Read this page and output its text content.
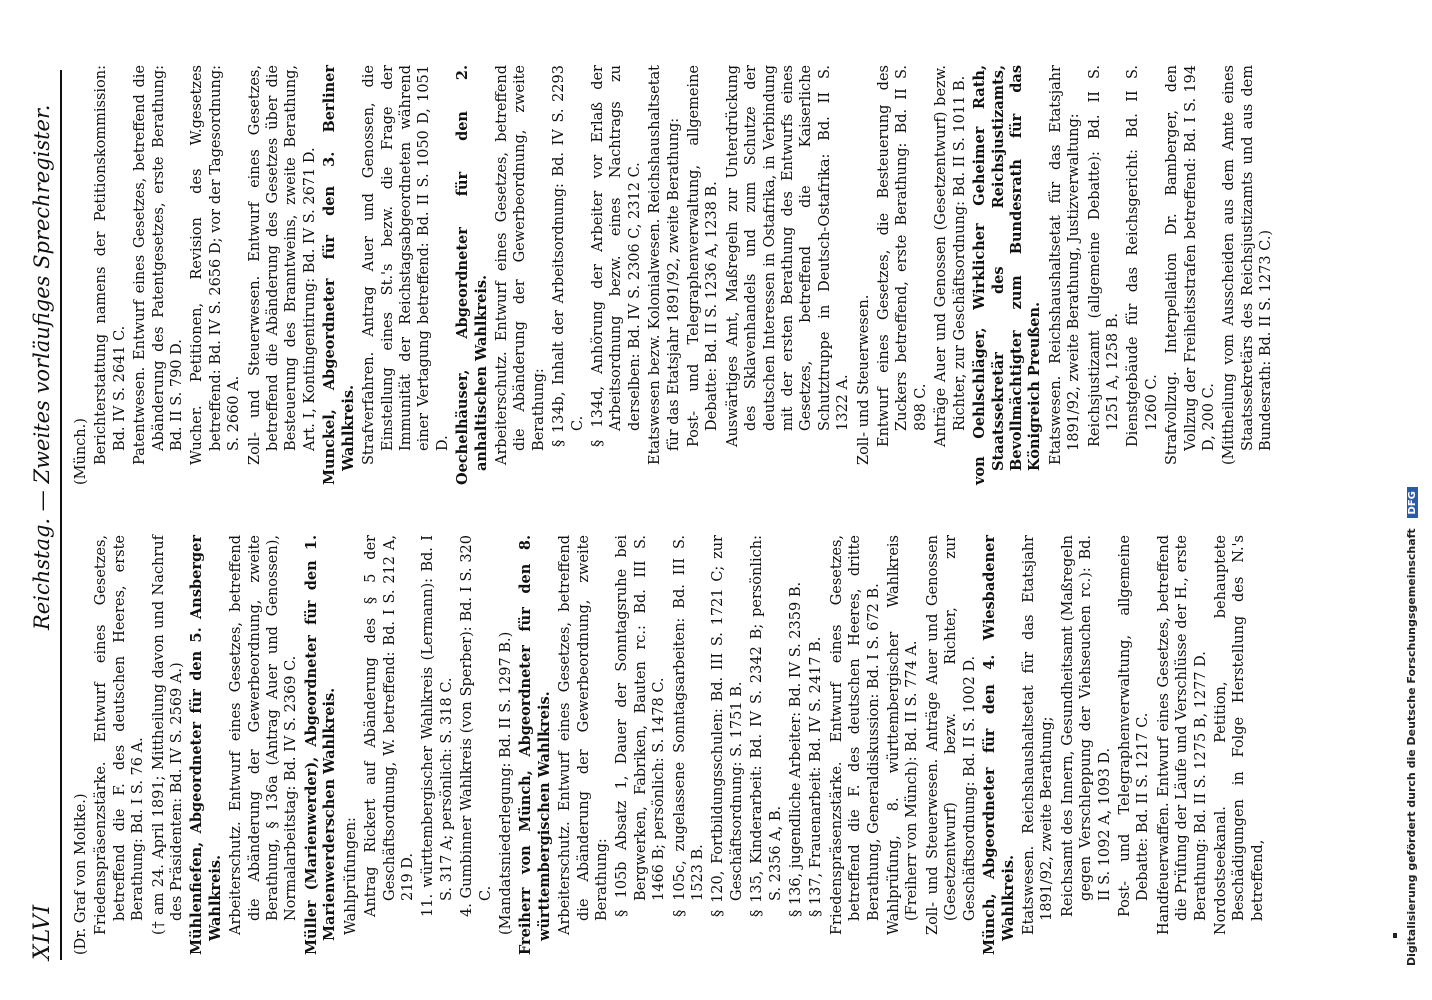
XLVI
Reichstag. — Zweites vorläufiges Sprechregister.

(Dr. Graf von Moltke.) Friedenspräsenzstärke. Entwurf eines Gesetzes, betreffend die F. des deutschen Heeres, erste Berathung: Bd. I S. 76 A. († am 24. April 1891; Mittheilung davon und Nachruf des Präsidenten: Bd. IV S. 2569 A.) Mühlenfiefen, Abgeordneter für den 5. Ansberger Wahlkreis. Arbeiterschutz. Entwurf eines Gesetzes, betreffend die Abänderung der Gewerbeordnung, zweite Berathung, § 136a (Antrag Auer und Genossen), Normalarbeitstag: Bd. IV S. 2369 C. Müller (Marienwerder), Abgeordneter für den 1. Marienwerderschen Wahlkreis. Wahlprüfungen: Antrag Rickert auf Abänderung des § 5 der Geschäftsordnung, W. betreffend: Bd. I S. 212 A, 219 D. 11. württembergischer Wahlkreis (Lermann): Bd. I S. 317 A; persönlich: S. 318 C. 4. Gumbinner Wahlkreis (von Sperber): Bd. I S. 320 C. (Mandatsniederlegung: Bd. II S. 1297 B.) Freiherr von Münch, Abgeordneter für den 8. württembergischen Wahlkreis. Arbeiterschutz. Entwurf eines Gesetzes, betreffend die Abänderung der Gewerbeordnung, zweite Berathung: § 105b Absatz 1, Dauer der Sonntagsruhe bei Bergwerken, Fabriken, Bauten rc.: Bd. III S. 1466 B; persönlich: S. 1478 C. § 105c, zugelassene Sonntagsarbeiten: Bd. III S. 1523 B. § 120, Fortbildungsschulen: Bd. III S. 1721 C; zur Geschäftsordnung: S. 1751 B. § 135, Kinderarbeit: Bd. IV S. 2342 B; persönlich: S. 2356 A, B. § 136, jugendliche Arbeiter: Bd. IV S. 2359 B. § 137, Frauenarbeit: Bd. IV S. 2417 B. Friedenspräsenzstärke. Entwurf eines Gesetzes, betreffend die F. des deutschen Heeres, dritte Berathung, Generaldiskussion: Bd. I S. 672 B. Wahlprüfung, 8. württembergischer Wahlkreis (Freiherr von Münch): Bd. II S. 774 A. Zoll- und Steuerwesen. Anträge Auer und Genossen (Gesetzentwurf) bezw. Richter, zur Geschäftsordnung: Bd. II S. 1002 D. Münch, Abgeordneter für den 4. Wiesbadener Wahlkreis. Etatswesen. Reichshaushaltsetat für das Etatsjahr 1891/92, zweite Berathung; Reichsamt des Innern, Gesundheitsamt (Maßregeln gegen Verschleppung der Viehseuchen rc.): Bd. II S. 1092 A, 1093 D. Post- und Telegraphenverwaltung, allgemeine Debatte: Bd. II S. 1217 C. Handfeuerwaffen. Entwurf eines Gesetzes, betreffend die Prüfung der Läufe und Verschlüsse der H., erste Berathung: Bd. II S. 1275 B, 1277 D. Nordostseekanal. Petition, behauptete Beschädigungen in Folge Herstellung des N.'s betreffend,

(Münch.) Berichterstattung namens der Petitionskommission: Bd. IV S. 2641 C. Patentwesen. Entwurf eines Gesetzes, betreffend die Abänderung des Patentgesetzes, erste Berathung: Bd. II S. 790 D. Wucher. Petitionen, Revision des W.gesetzes betreffend: Bd. IV S. 2656 D; vor der Tagesordnung: S. 2660 A. Zoll- und Steuerwesen. Entwurf eines Gesetzes, betreffend die Abänderung des Gesetzes über die Besteuerung des Branntweins, zweite Berathung, Art. I, Kontingentirung: Bd. IV S. 2671 D. Munckel, Abgeordneter für den 3. Berliner Wahlkreis. Strafverfahren. Antrag Auer und Genossen, die Einstellung eines St.'s bezw. die Frage der Immunität der Reichstagsabgeordneten während einer Vertagung betreffend: Bd. II S. 1050 D, 1051 D. Oechelhäuser, Abgeordneter für den 2. anhaltischen Wahlkreis. Arbeiterschutz. Entwurf eines Gesetzes, betreffend die Abänderung der Gewerbeordnung, zweite Berathung: § 134b, Inhalt der Arbeitsordnung: Bd. IV S. 2293 C. § 134d, Anhörung der Arbeiter vor Erlaß der Arbeitsordnung bezw. eines Nachtrags zu derselben: Bd. IV S. 2306 C, 2312 C. Etatswesen bezw. Kolonialwesen. Reichshaushaltsetat für das Etatsjahr 1891/92, zweite Berathung: Post- und Telegraphenverwaltung, allgemeine Debatte: Bd. II S. 1236 A, 1238 B. Auswärtiges Amt, Maßregeln zur Unterdrückung des Sklavenhandels und zum Schutze der deutschen Interessen in Ostafrika, in Verbindung mit der ersten Berathung des Entwurfs eines Gesetzes, betreffend die Kaiserliche Schutztruppe in Deutsch-Ostafrika: Bd. II S. 1322 A. Zoll- und Steuerwesen. Entwurf eines Gesetzes, die Besteuerung des Zuckers betreffend, erste Berathung: Bd. II S. 898 C. Anträge Auer und Genossen (Gesetzentwurf) bezw. Richter, zur Geschäftsordnung: Bd. II S. 1011 B. von Oehlschläger, Wirklicher Geheimer Rath, Staatssekretär des Reichsjustizamts, Bevollmächtigter zum Bundesrath für das Königreich Preußen. Etatswesen. Reichshaushaltsetat für das Etatsjahr 1891/92, zweite Berathung, Justizverwaltung: Reichsjustizamt (allgemeine Debatte): Bd. II S. 1251 A, 1258 B. Dienstgebäude für das Reichsgericht: Bd. II S. 1260 C. Strafvollzug. Interpellation Dr. Bamberger, den Vollzug der Freiheitsstrafen betreffend: Bd. I S. 194 D, 200 C. (Mittheilung vom Ausscheiden aus dem Amte eines Staatssekretärs des Reichsjustizamts und aus dem Bundesrath: Bd. II S. 1273 C.)

Digitalisierung gefördert durch die Deutsche Forschungsgemeinschaft DFG
